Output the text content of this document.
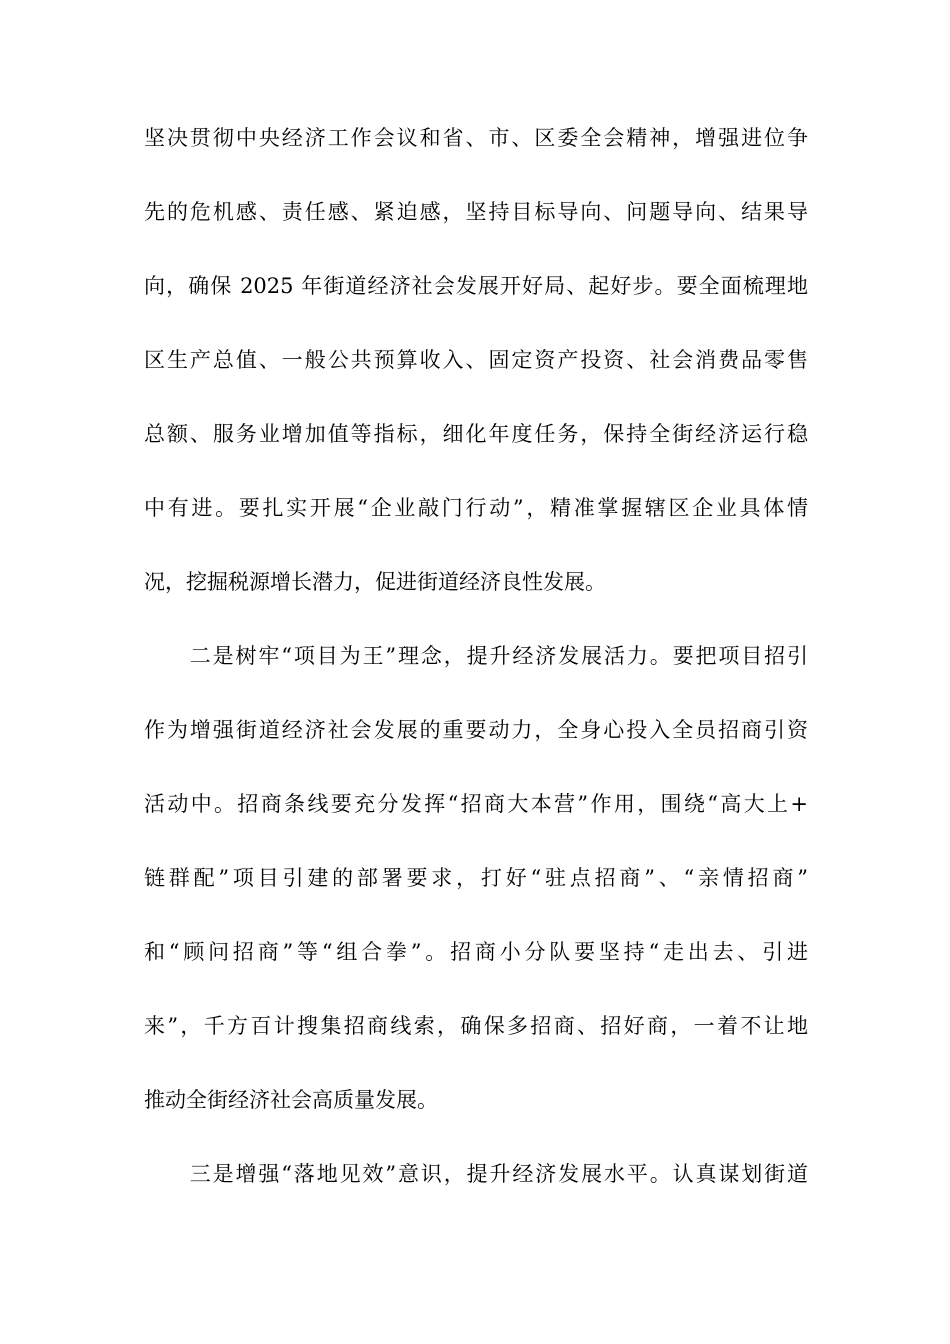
坚决贯彻中央经济工作会议和省、市、区委全会精神，增强进位争
先的危机感、责任感、紧迫感，坚持目标导向、问题导向、结果导
向，确保 2025 年街道经济社会发展开好局、起好步。要全面梳理地
区生产总值、一般公共预算收入、固定资产投资、社会消费品零售
总额、服务业增加值等指标，细化年度任务，保持全街经济运行稳
中有进。要扎实开展“企业敲门行动”，精准掌握辖区企业具体情
况，挖掘税源增长潜力，促进街道经济良性发展。
　　二是树牢“项目为王”理念，提升经济发展活力。要把项目招引
作为增强街道经济社会发展的重要动力，全身心投入全员招商引资
活动中。招商条线要充分发挥“招商大本营”作用，围绕“高大上+
链群配”项目引建的部署要求，打好“驻点招商”、“亲情招商”
和“顾问招商”等“组合拳”。招商小分队要坚持“走出去、引进
来”，千方百计搜集招商线索，确保多招商、招好商，一着不让地
推动全街经济社会高质量发展。
　　三是增强“落地见效”意识，提升经济发展水平。认真谋划街道
